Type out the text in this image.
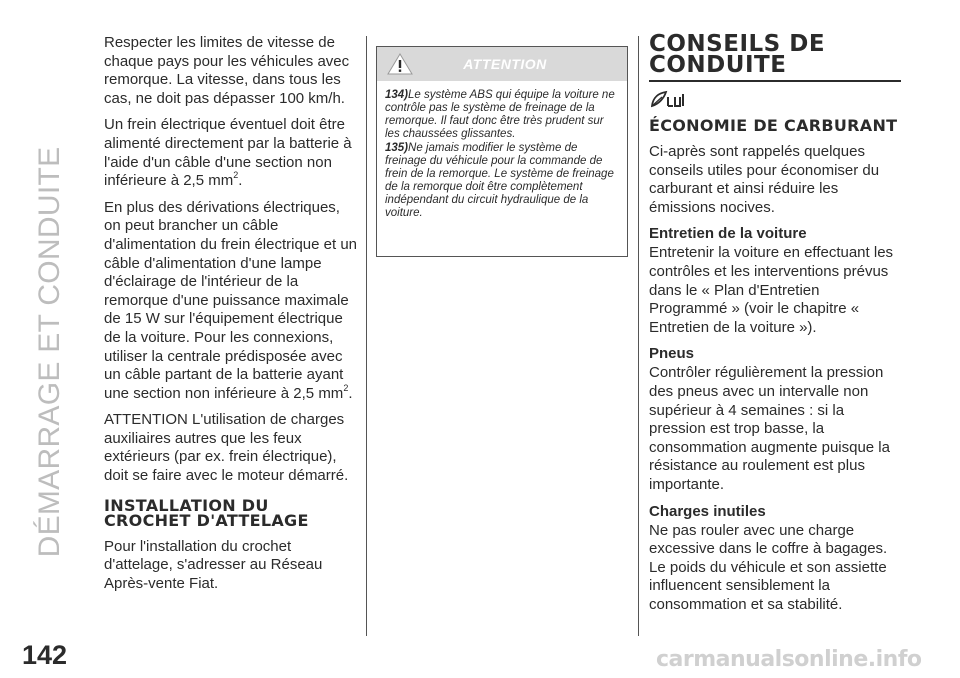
DÉMARRAGE ET CONDUITE
142	carmanualsonline.info

Respecter les limites de vitesse de chaque pays pour les véhicules avec remorque. La vitesse, dans tous les cas, ne doit pas dépasser 100 km/h.

Un frein électrique éventuel doit être alimenté directement par la batterie à l'aide d'un câble d'une section non inférieure à 2,5 $mm^2$.

En plus des dérivations électriques, on peut brancher un câble d'alimentation du frein électrique et un câble d'alimentation d'une lampe d'éclairage de l'intérieur de la remorque d'une puissance maximale de 15 W sur l'équipement électrique de la voiture. Pour les connexions, utiliser la centrale prédisposée avec un câble partant de la batterie ayant une section non inférieure à 2,5 $mm^2$.

ATTENTION L'utilisation de charges auxiliaires autres que les feux extérieurs (par ex. frein électrique), doit se faire avec le moteur démarré.

INSTALLATION DU CROCHET D'ATTELAGE

Pour l'installation du crochet d'attelage, s'adresser au Réseau Après-vente Fiat.

ATTENTION

134)Le système ABS qui équipe la voiture ne contrôle pas le système de freinage de la remorque. Il faut donc être très prudent sur les chaussées glissantes.

135)Ne jamais modifier le système de freinage du véhicule pour la commande de frein de la remorque. Le système de freinage de la remorque doit être complètement indépendant du circuit hydraulique de la voiture.

CONSEILS DE CONDUITE
ÉCONOMIE DE CARBURANT

Ci-après sont rappelés quelques conseils utiles pour économiser du carburant et ainsi réduire les émissions nocives.

Entretien de la voiture

Entretenir la voiture en effectuant les contrôles et les interventions prévus dans le « Plan d'Entretien Programmé » (voir le chapitre « Entretien de la voiture »).

Pneus

Contrôler régulièrement la pression des pneus avec un intervalle non supérieur à 4 semaines : si la pression est trop basse, la consommation augmente puisque la résistance au roulement est plus importante.

Charges inutiles

Ne pas rouler avec une charge excessive dans le coffre à bagages. Le poids du véhicule et son assiette influencent sensiblement la consommation et sa stabilité.
